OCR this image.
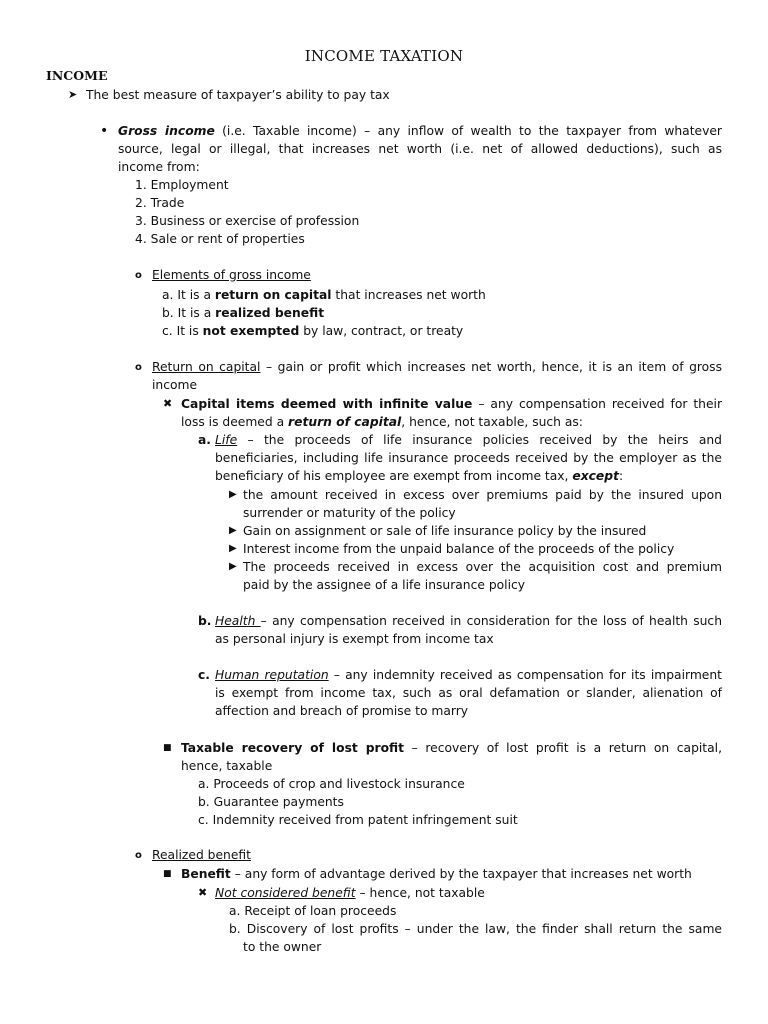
INCOME TAXATION
INCOME
➤ The best measure of taxpayer’s ability to pay tax
• Gross income (i.e. Taxable income) – any inflow of wealth to the taxpayer from whatever
source, legal or illegal, that increases net worth (i.e. net of allowed deductions), such as
income from:
1. Employment
2. Trade
3. Business or exercise of profession
4. Sale or rent of properties
o Elements of gross income
a. It is a return on capital that increases net worth
b. It is a realized benefit
c. It is not exempted by law, contract, or treaty
o Return on capital – gain or profit which increases net worth, hence, it is an item of gross
income
✖ Capital items deemed with infinite value – any compensation received for their
loss is deemed a return of capital, hence, not taxable, such as:
a. Life – the proceeds of life insurance policies received by the heirs and
beneficiaries, including life insurance proceeds received by the employer as the
beneficiary of his employee are exempt from income tax, except:
▶ the amount received in excess over premiums paid by the insured upon
surrender or maturity of the policy
▶ Gain on assignment or sale of life insurance policy by the insured
▶ Interest income from the unpaid balance of the proceeds of the policy
▶ The proceeds received in excess over the acquisition cost and premium
paid by the assignee of a life insurance policy
b. Health – any compensation received in consideration for the loss of health such
as personal injury is exempt from income tax
c. Human reputation – any indemnity received as compensation for its impairment
is exempt from income tax, such as oral defamation or slander, alienation of
affection and breach of promise to marry
■ Taxable recovery of lost profit – recovery of lost profit is a return on capital,
hence, taxable
a. Proceeds of crop and livestock insurance
b. Guarantee payments
c. Indemnity received from patent infringement suit
o Realized benefit
■ Benefit – any form of advantage derived by the taxpayer that increases net worth
✖ Not considered benefit – hence, not taxable
a. Receipt of loan proceeds
b. Discovery of lost profits – under the law, the finder shall return the same
to the owner
